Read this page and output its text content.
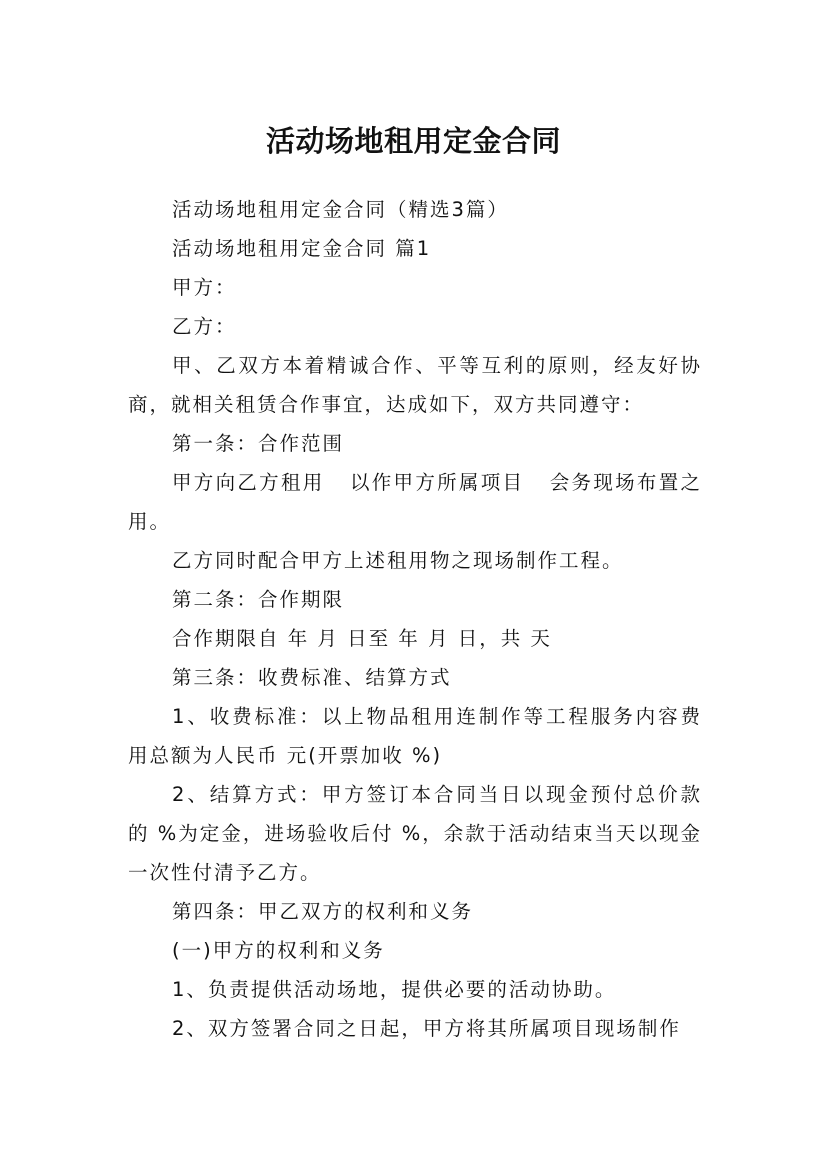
活动场地租用定金合同

活动场地租用定金合同（精选3篇）

活动场地租用定金合同 篇1

甲方：

乙方：

甲、乙双方本着精诚合作、平等互利的原则，经友好协商，就相关租赁合作事宜，达成如下，双方共同遵守：

第一条：合作范围

甲方向乙方租用   以作甲方所属项目   会务现场布置之用。

乙方同时配合甲方上述租用物之现场制作工程。

第二条：合作期限

合作期限自 年 月 日至 年 月 日，共 天

第三条：收费标准、结算方式

1、收费标准：以上物品租用连制作等工程服务内容费用总额为人民币 元(开票加收 %)

2、结算方式：甲方签订本合同当日以现金预付总价款的 %为定金，进场验收后付 %，余款于活动结束当天以现金一次性付清予乙方。

第四条：甲乙双方的权利和义务

(一)甲方的权利和义务

1、负责提供活动场地，提供必要的活动协助。

2、双方签署合同之日起，甲方将其所属项目现场制作
